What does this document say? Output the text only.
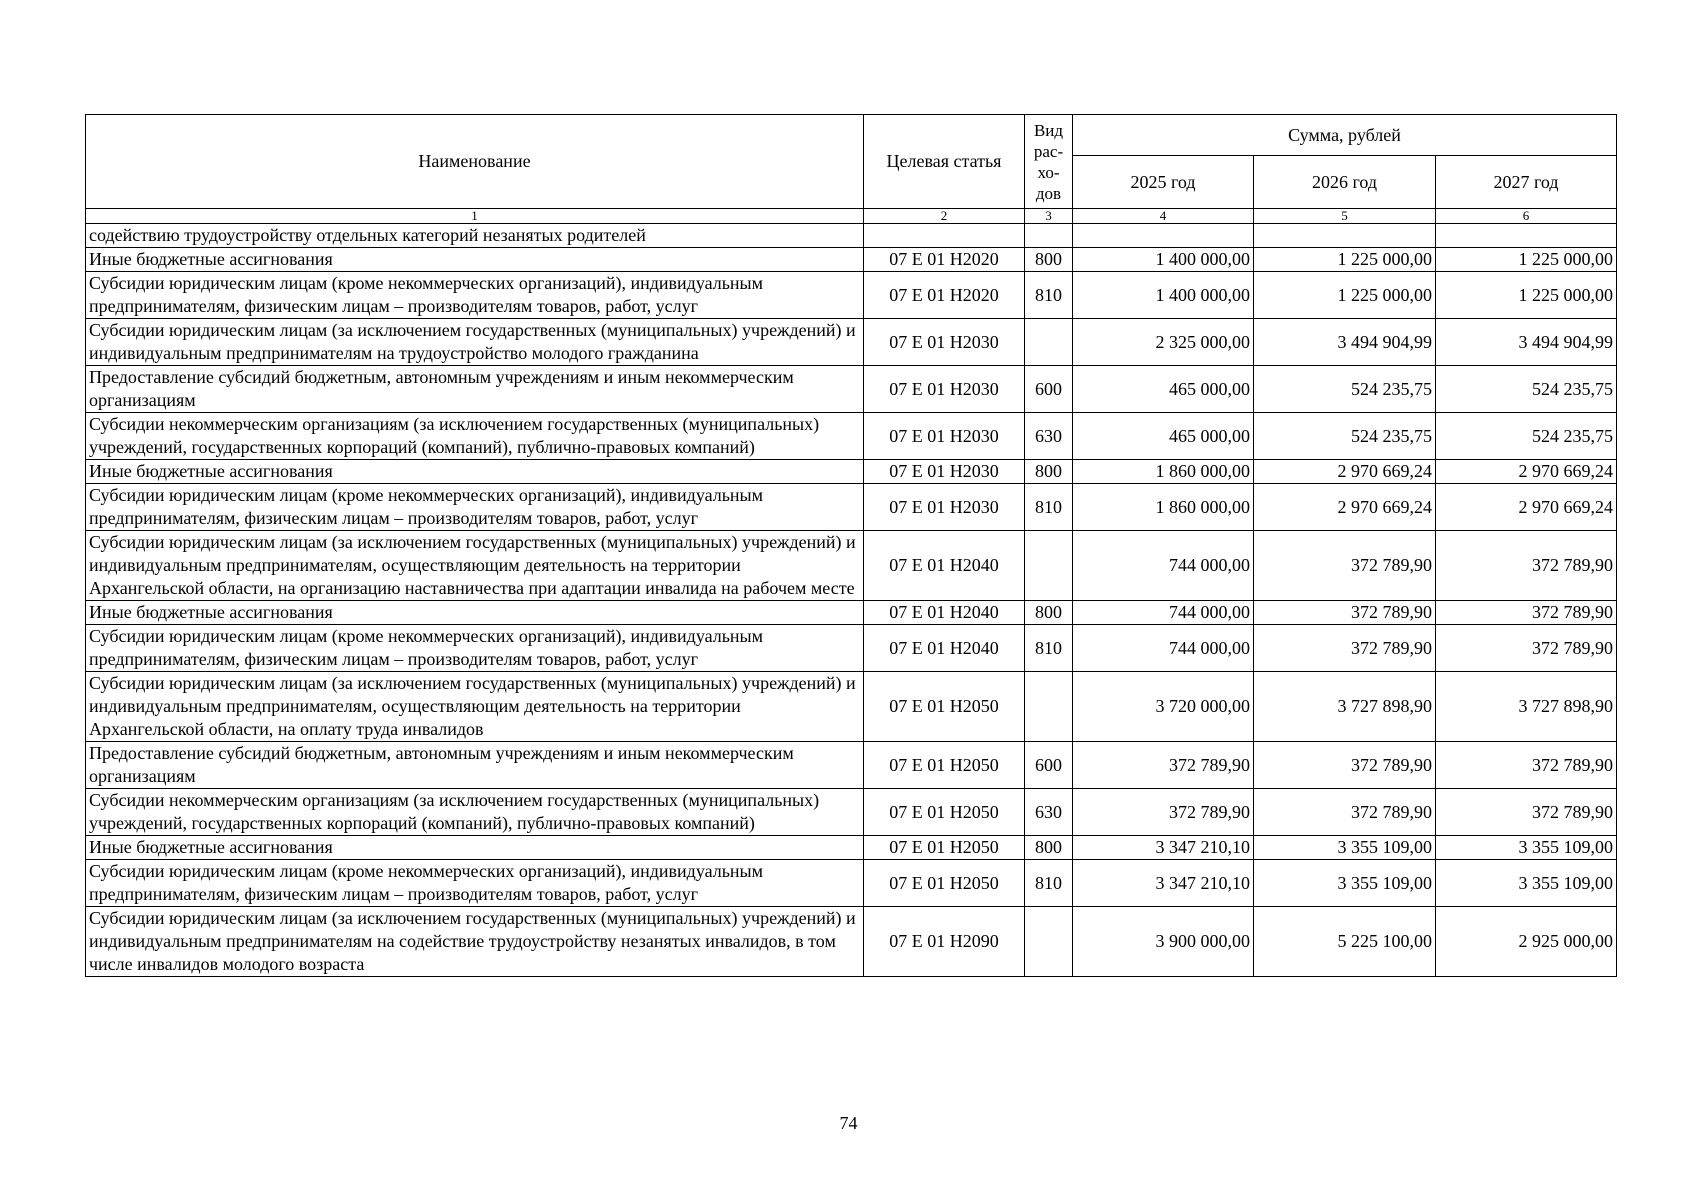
Наименование	Целевая статья	Вид
рас-
хо-
дов	Сумма, рублей		
			2025 год	2026 год	2027 год
1	2	3	4	5	6
содействию трудоустройству отдельных категорий незанятых родителей					
Иные бюджетные ассигнования	07 Е 01 Н2020	800	1 400 000,00	1 225 000,00	1 225 000,00
Субсидии юридическим лицам (кроме некоммерческих организаций), индивидуальным предпринимателям, физическим лицам – производителям товаров, работ, услуг	07 Е 01 Н2020	810	1 400 000,00	1 225 000,00	1 225 000,00
Субсидии юридическим лицам (за исключением государственных (муниципальных) учреждений) и индивидуальным предпринимателям на трудоустройство молодого гражданина	07 Е 01 Н2030		2 325 000,00	3 494 904,99	3 494 904,99
Предоставление субсидий бюджетным, автономным учреждениям и иным некоммерческим организациям	07 Е 01 Н2030	600	465 000,00	524 235,75	524 235,75
Субсидии некоммерческим организациям (за исключением государственных (муниципальных) учреждений, государственных корпораций (компаний), публично-правовых компаний)	07 Е 01 Н2030	630	465 000,00	524 235,75	524 235,75
Иные бюджетные ассигнования	07 Е 01 Н2030	800	1 860 000,00	2 970 669,24	2 970 669,24
Субсидии юридическим лицам (кроме некоммерческих организаций), индивидуальным предпринимателям, физическим лицам – производителям товаров, работ, услуг	07 Е 01 Н2030	810	1 860 000,00	2 970 669,24	2 970 669,24
Субсидии юридическим лицам (за исключением государственных (муниципальных) учреждений) и индивидуальным предпринимателям, осуществляющим деятельность на территории Архангельской области, на организацию наставничества при адаптации инвалида на рабочем месте	07 Е 01 Н2040		744 000,00	372 789,90	372 789,90
Иные бюджетные ассигнования	07 Е 01 Н2040	800	744 000,00	372 789,90	372 789,90
Субсидии юридическим лицам (кроме некоммерческих организаций), индивидуальным предпринимателям, физическим лицам – производителям товаров, работ, услуг	07 Е 01 Н2040	810	744 000,00	372 789,90	372 789,90
Субсидии юридическим лицам (за исключением государственных (муниципальных) учреждений) и индивидуальным предпринимателям, осуществляющим деятельность на территории Архангельской области, на оплату труда инвалидов	07 Е 01 Н2050		3 720 000,00	3 727 898,90	3 727 898,90
Предоставление субсидий бюджетным, автономным учреждениям и иным некоммерческим организациям	07 Е 01 Н2050	600	372 789,90	372 789,90	372 789,90
Субсидии некоммерческим организациям (за исключением государственных (муниципальных) учреждений, государственных корпораций (компаний), публично-правовых компаний)	07 Е 01 Н2050	630	372 789,90	372 789,90	372 789,90
Иные бюджетные ассигнования	07 Е 01 Н2050	800	3 347 210,10	3 355 109,00	3 355 109,00
Субсидии юридическим лицам (кроме некоммерческих организаций), индивидуальным предпринимателям, физическим лицам – производителям товаров, работ, услуг	07 Е 01 Н2050	810	3 347 210,10	3 355 109,00	3 355 109,00
Субсидии юридическим лицам (за исключением государственных (муниципальных) учреждений) и индивидуальным предпринимателям на содействие трудоустройству незанятых инвалидов, в том числе инвалидов молодого возраста	07 Е 01 Н2090		3 900 000,00	5 225 100,00	2 925 000,00
74
